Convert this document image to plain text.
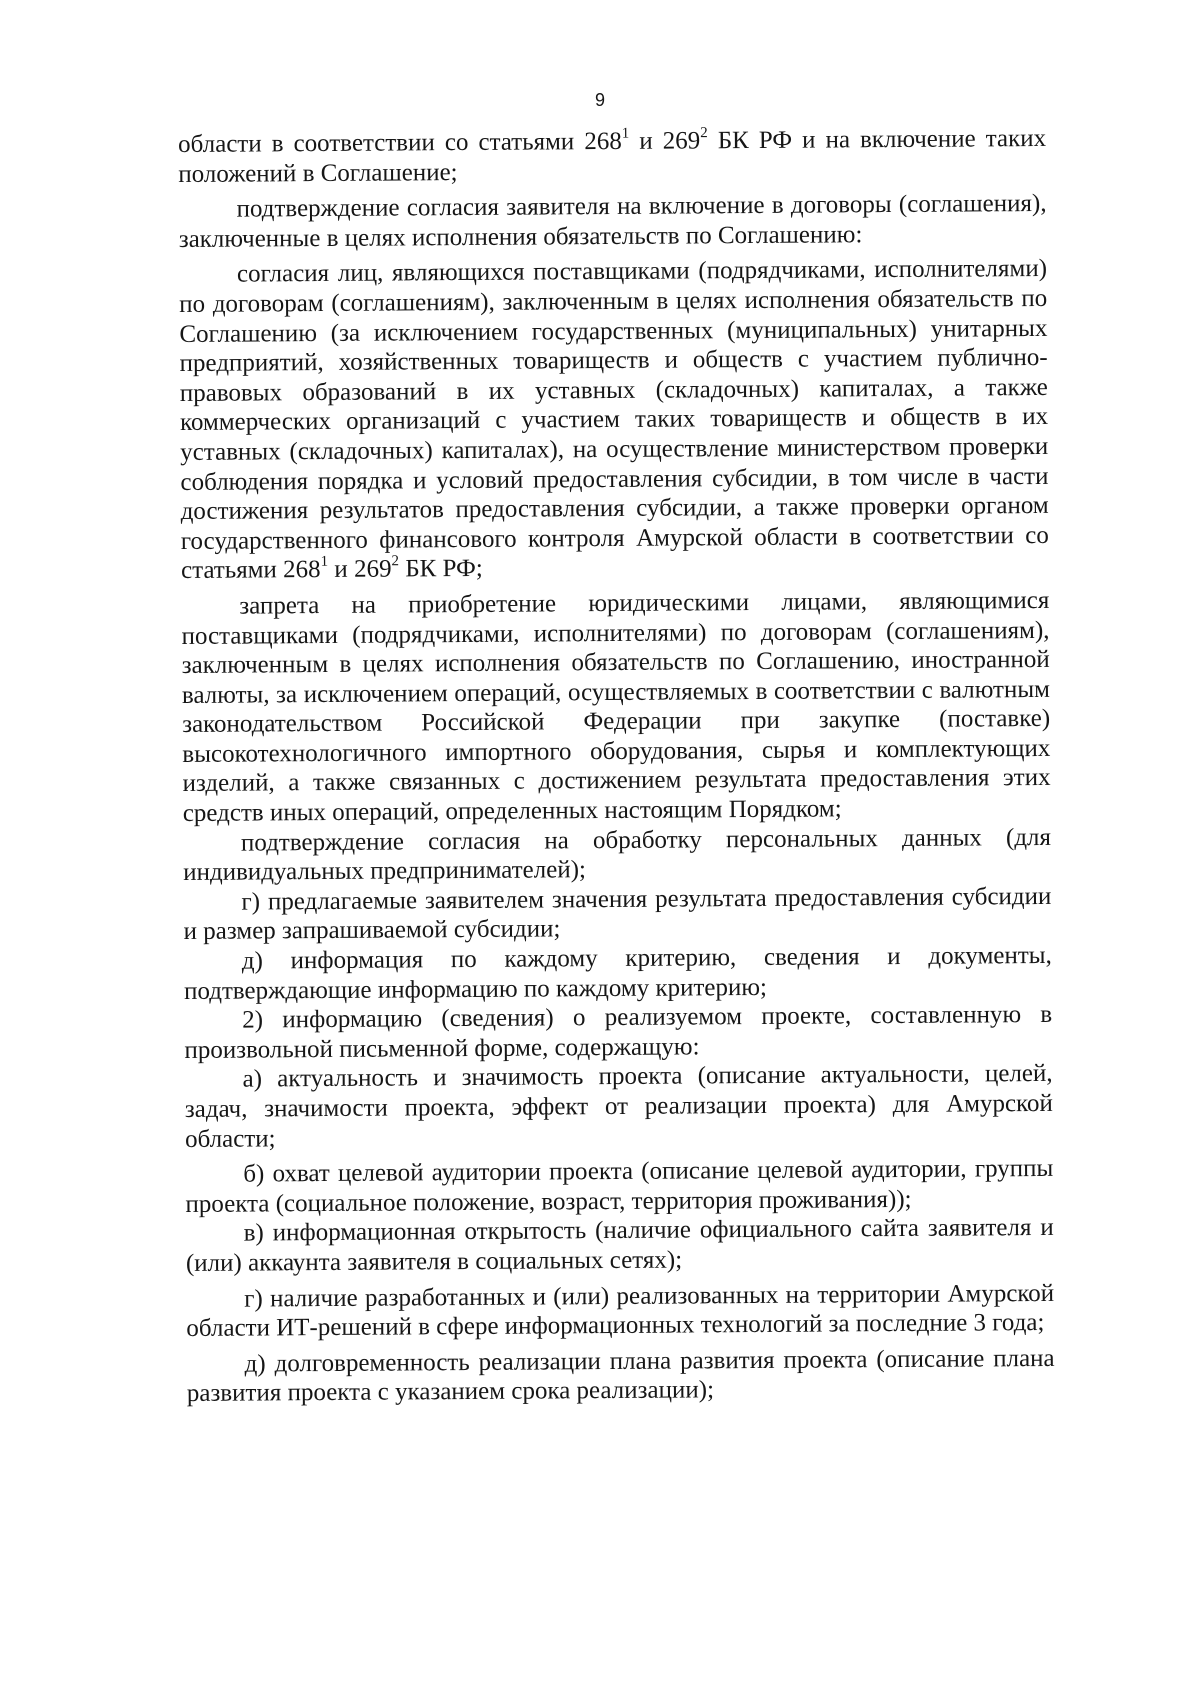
9

области в соответствии со статьями $268^1$ и $269^2$ БК РФ и на включение таких положений в Соглашение;

подтверждение согласия заявителя на включение в договоры (соглашения), заключенные в целях исполнения обязательств по Соглашению:

согласия лиц, являющихся поставщиками (подрядчиками, исполнителями) по договорам (соглашениям), заключенным в целях исполнения обязательств по Соглашению (за исключением государственных (муниципальных) унитарных предприятий, хозяйственных товариществ и обществ с участием публично-правовых образований в их уставных (складочных) капиталах, а также коммерческих организаций с участием таких товариществ и обществ в их уставных (складочных) капиталах), на осуществление министерством проверки соблюдения порядка и условий предоставления субсидии, в том числе в части достижения результатов предоставления субсидии, а также проверки органом государственного финансового контроля Амурской области в соответствии со статьями $268^1$ и $269^2$ БК РФ;

запрета на приобретение юридическими лицами, являющимися поставщиками (подрядчиками, исполнителями) по договорам (соглашениям), заключенным в целях исполнения обязательств по Соглашению, иностранной валюты, за исключением операций, осуществляемых в соответствии с валютным законодательством Российской Федерации при закупке (поставке) высокотехнологичного импортного оборудования, сырья и комплектующих изделий, а также связанных с достижением результата предоставления этих средств иных операций, определенных настоящим Порядком;

подтверждение согласия на обработку персональных данных (для индивидуальных предпринимателей);

г) предлагаемые заявителем значения результата предоставления субсидии и размер запрашиваемой субсидии;

д) информация по каждому критерию, сведения и документы, подтверждающие информацию по каждому критерию;

2) информацию (сведения) о реализуемом проекте, составленную в произвольной письменной форме, содержащую:

а) актуальность и значимость проекта (описание актуальности, целей, задач, значимости проекта, эффект от реализации проекта) для Амурской области;

б) охват целевой аудитории проекта (описание целевой аудитории, группы проекта (социальное положение, возраст, территория проживания));

в) информационная открытость (наличие официального сайта заявителя и (или) аккаунта заявителя в социальных сетях);

г) наличие разработанных и (или) реализованных на территории Амурской области ИТ-решений в сфере информационных технологий за последние 3 года;

д) долговременность реализации плана развития проекта (описание плана развития проекта с указанием срока реализации);
